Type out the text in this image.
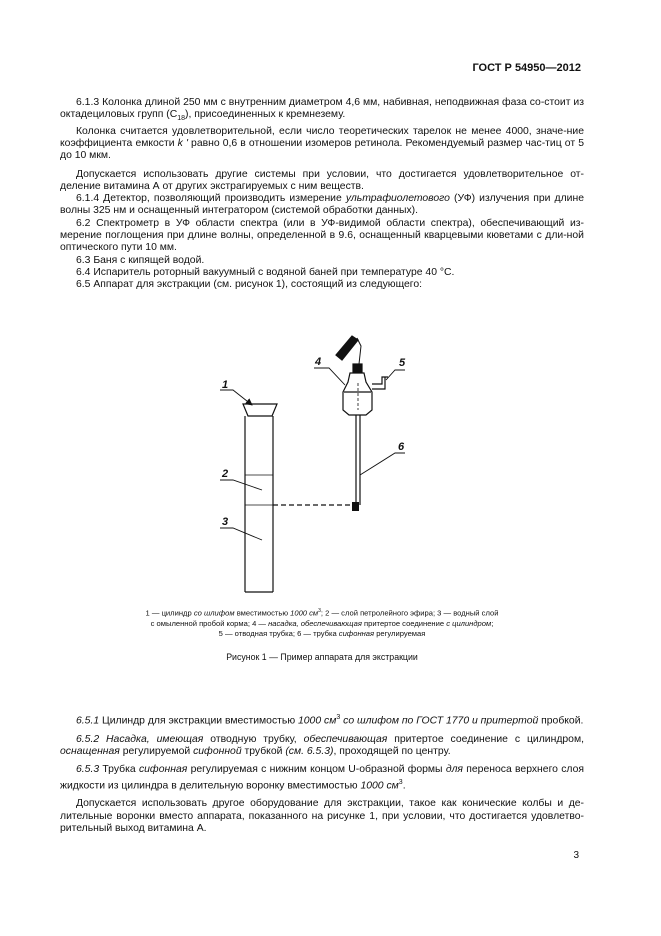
ГОСТ Р 54950—2012

6.1.3 Колонка длиной 250 мм с внутренним диаметром 4,6 мм, набивная, неподвижная фаза со-стоит из октадециловых групп $(C_{18})$, присоединенных к кремнезему.

Колонка считается удовлетворительной, если число теоретических тарелок не менее 4000, значе-ние коэффициента емкости k ' равно 0,6 в отношении изомеров ретинола. Рекомендуемый размер час-тиц от 5 до 10 мкм.

Допускается использовать другие системы при условии, что достигается удовлетворительное от-деление витамина А от других экстрагируемых с ним веществ.

6.1.4 Детектор, позволяющий производить измерение ультрафиолетового (УФ) излучения при длине волны 325 нм и оснащенный интегратором (системой обработки данных).

6.2 Спектрометр в УФ области спектра (или в УФ-видимой области спектра), обеспечивающий из-мерение поглощения при длине волны, определенной в 9.6, оснащенный кварцевыми кюветами с дли-ной оптического пути 10 мм.

6.3 Баня с кипящей водой.

6.4 Испаритель роторный вакуумный с водяной баней при температуре 40 °C.

6.5 Аппарат для экстракции (см. рисунок 1), состоящий из следующего:

1
2
3
4	5
6
1 — цилиндр со шлифом вместимостью 1000 $см^3$; 2 — слой петролейного эфира; 3 — водный слой
с омыленной пробой корма; 4 — насадка, обеспечивающая притертое соединение с цилиндром;
5 — отводная трубка; 6 — трубка сифонная регулируемая
Рисунок 1 — Пример аппарата для экстракции

6.5.1 Цилиндр для экстракции вместимостью 1000 $см^3$ со шлифом по ГОСТ 1770 и притертой пробкой.

6.5.2 Насадка, имеющая отводную трубку, обеспечивающая притертое соединение с цилиндром, оснащенная регулируемой сифонной трубкой (см. 6.5.3), проходящей по центру.

6.5.3 Трубка сифонная регулируемая с нижним концом U-образной формы для переноса верхнего слоя жидкости из цилиндра в делительную воронку вместимостью 1000 $см^3$.

Допускается использовать другое оборудование для экстракции, такое как конические колбы и де-лительные воронки вместо аппарата, показанного на рисунке 1, при условии, что достигается удовлетво-рительный выход витамина А.

3
